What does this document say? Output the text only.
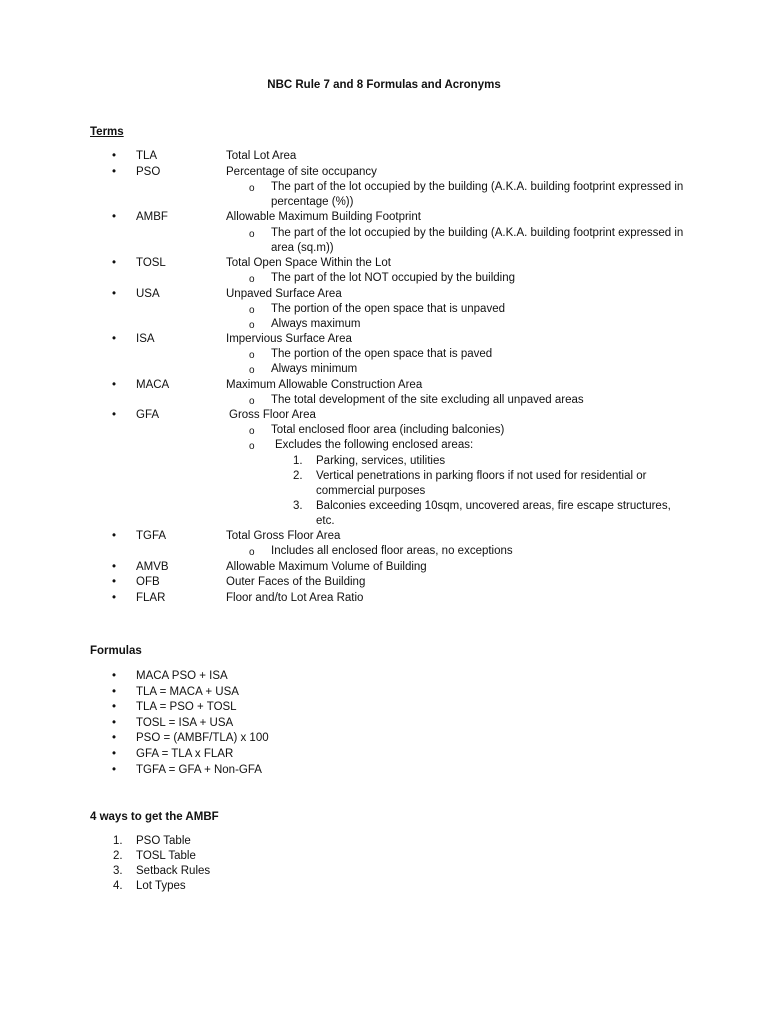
NBC Rule 7 and 8 Formulas and Acronyms
Terms
•
TLA	Total Lot Area
•
PSO	Percentage of site occupancy
o The part of the lot occupied by the building (A.K.A. building footprint expressed in
percentage (%))
•
AMBF	Allowable Maximum Building Footprint
o The part of the lot occupied by the building (A.K.A. building footprint expressed in
area (sq.m))
•
TOSL	Total Open Space Within the Lot
o The part of the lot NOT occupied by the building
•
USA	Unpaved Surface Area
o The portion of the open space that is unpaved
o Always maximum
•
ISA	Impervious Surface Area
o The portion of the open space that is paved
o Always minimum
•
MACA	Maximum Allowable Construction Area
o The total development of the site excluding all unpaved areas
•
GFA	Gross Floor Area
o Total enclosed floor area (including balconies)
o Excludes the following enclosed areas:
1. Parking, services, utilities
2. Vertical penetrations in parking floors if not used for residential or
commercial purposes
3. Balconies exceeding 10sqm, uncovered areas, fire escape structures,
etc.
•
TGFA	Total Gross Floor Area
o Includes all enclosed floor areas, no exceptions
•
AMVB	Allowable Maximum Volume of Building
•
OFB	Outer Faces of the Building
•
FLAR	Floor and/to Lot Area Ratio
Formulas
•
MACA PSO + ISA
•
TLA = MACA + USA
•
TLA = PSO + TOSL
•
TOSL = ISA + USA
•
PSO = (AMBF/TLA) x 100
•
GFA = TLA x FLAR
•
TGFA = GFA + Non-GFA
4 ways to get the AMBF
1. PSO Table
2. TOSL Table
3. Setback Rules
4. Lot Types
